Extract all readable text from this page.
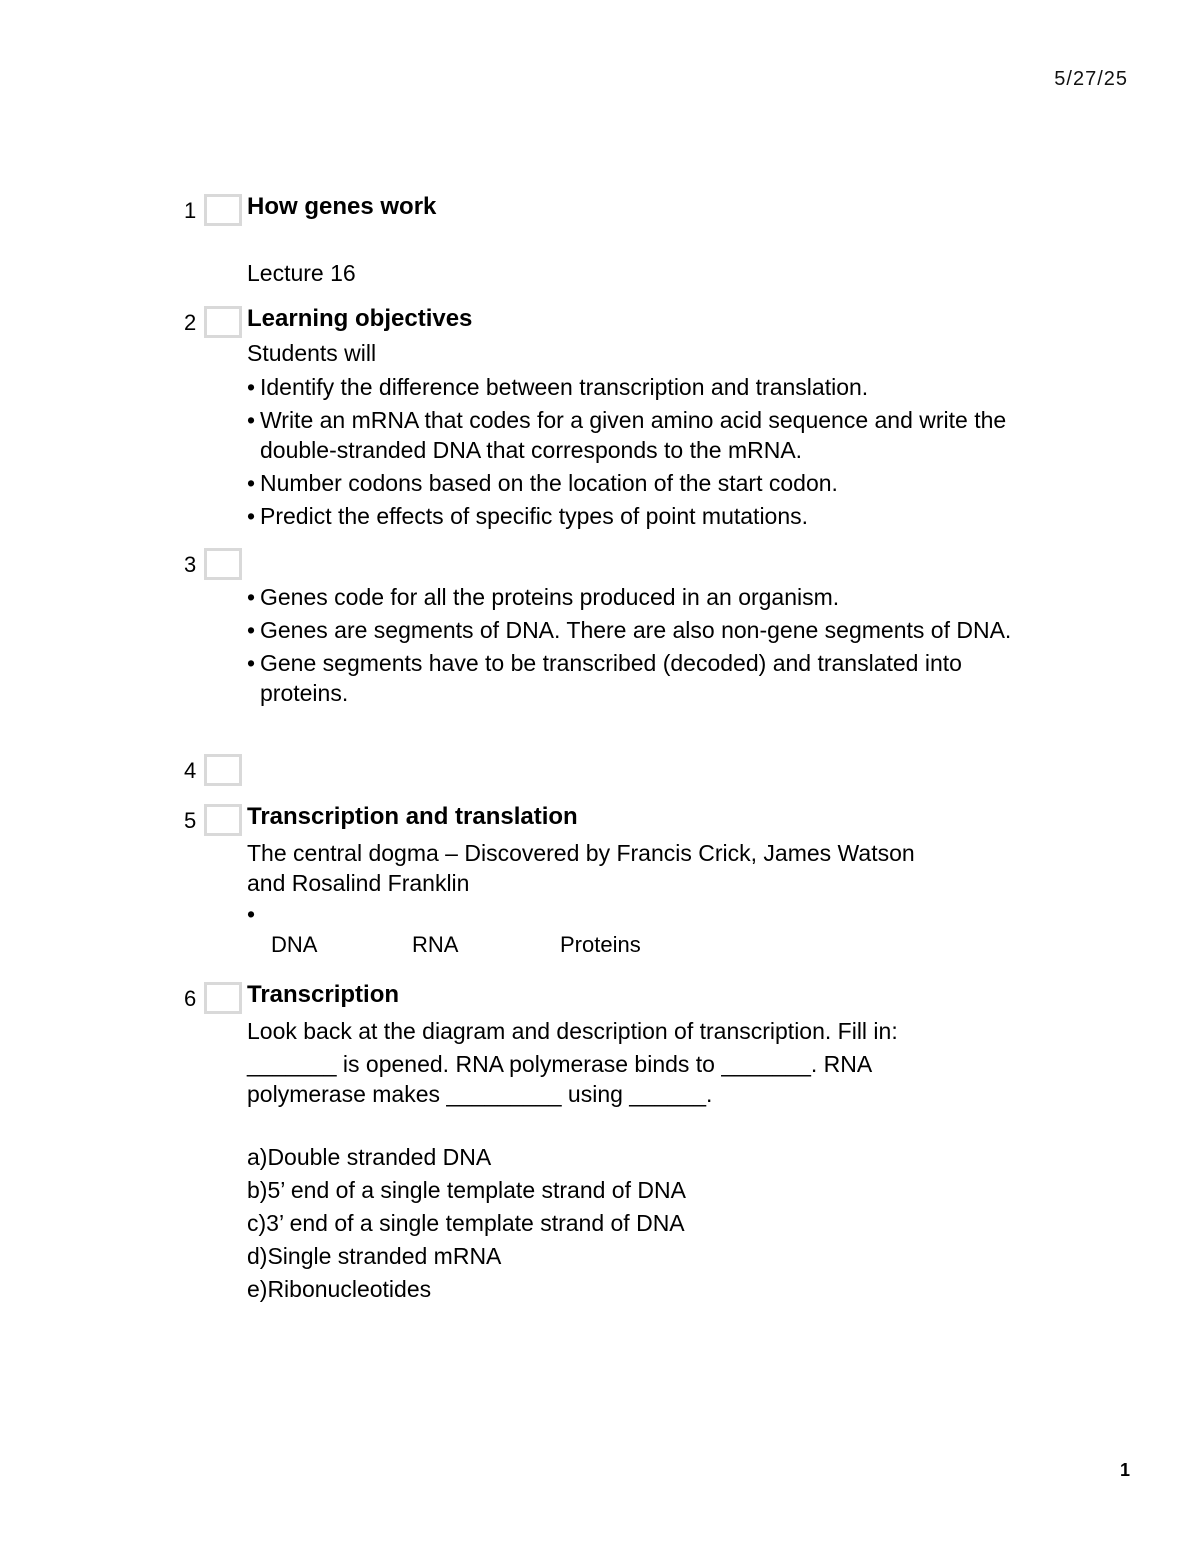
5/27/25
1 How genes work

Lecture 16

2 Learning objectives

Students will

• Identify the difference between transcription and translation.
• Write an mRNA that codes for a given amino acid sequence and write the double-stranded DNA that corresponds to the mRNA.
• Number codons based on the location of the start codon.
• Predict the effects of specific types of point mutations.
3
• Genes code for all the proteins produced in an organism.
• Genes are segments of DNA. There are also non-gene segments of DNA.
• Gene segments have to be transcribed (decoded) and translated into proteins.
4
5 Transcription and translation

The central dogma – Discovered by Francis Crick, James Watson

and Rosalind Franklin

•

DNA	RNA	Proteins
6 Transcription

Look back at the diagram and description of transcription. Fill in:

_______ is opened. RNA polymerase binds to _______. RNA

polymerase makes _________ using ______.

a)Double stranded DNA
b)5’ end of a single template strand of DNA
c)3’ end of a single template strand of DNA
d)Single stranded mRNA
e)Ribonucleotides
1
